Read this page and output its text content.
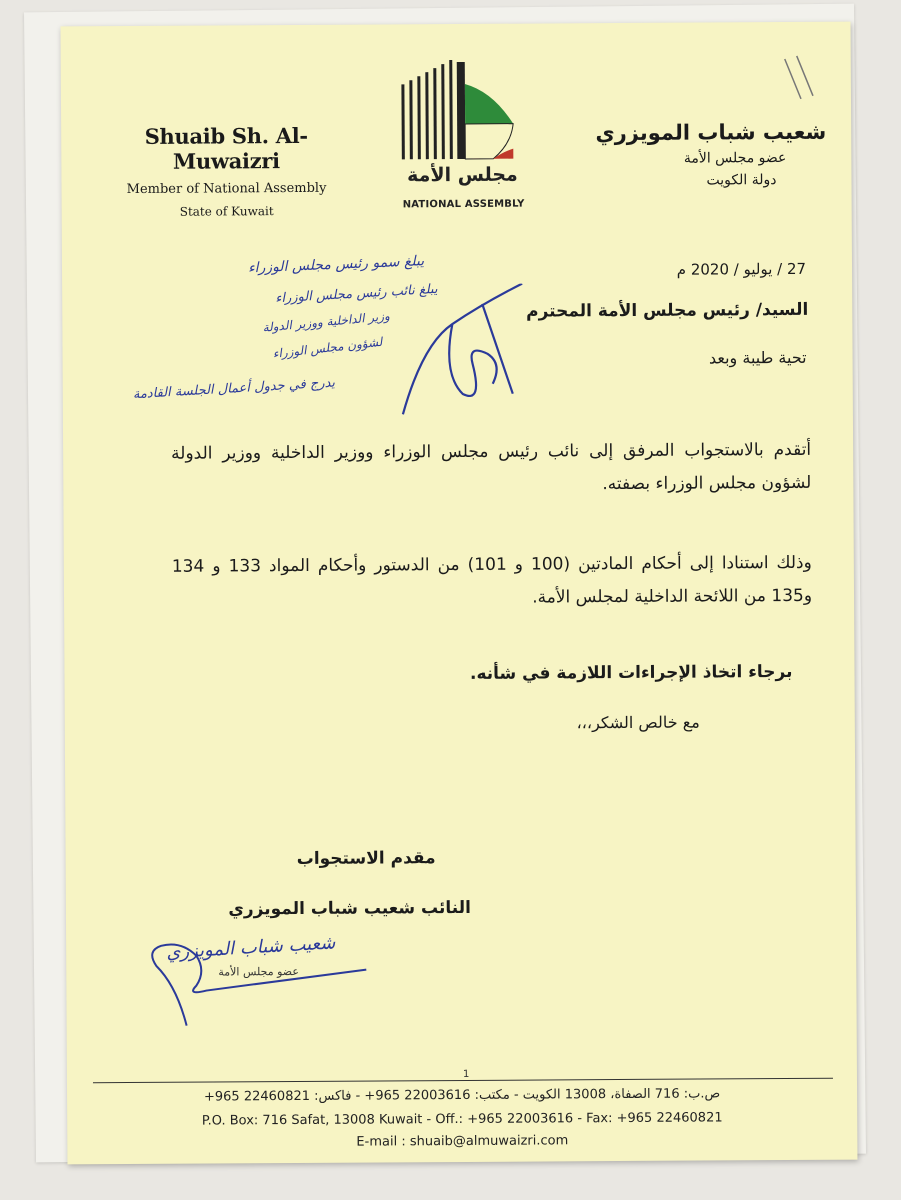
Shuaib Sh. Al-Muwaizri
Member of National Assembly
State of Kuwait
مجلس الأمة
NATIONAL ASSEMBLY
شعيب شباب المويزري
عضو مجلس الأمة
دولة الكويت
27 / يوليو / 2020 م
السيد/ رئيس مجلس الأمة المحترم
تحية طيبة وبعد
يبلغ سمو رئيس مجلس الوزراء
يبلغ نائب رئيس مجلس الوزراء
وزير الداخلية ووزير الدولة
لشؤون مجلس الوزراء
يدرج في جدول أعمال الجلسة القادمة
أتقدم بالاستجواب المرفق إلى نائب رئيس مجلس الوزراء ووزير الداخلية ووزير الدولة لشؤون مجلس الوزراء بصفته.
وذلك استنادا إلى أحكام المادتين (100 و 101) من الدستور وأحكام المواد 133 و 134 و135 من اللائحة الداخلية لمجلس الأمة.
برجاء اتخاذ الإجراءات اللازمة في شأنه.
مع خالص الشكر،،،
مقدم الاستجواب
النائب شعيب شباب المويزري
شعيب شباب المويزري
عضو مجلس الأمة
1
ص.ب: 716 الصفاة، 13008 الكويت - مكتب: 22003616 965+ - فاكس: 22460821 965+
P.O. Box: 716 Safat, 13008 Kuwait - Off.: +965 22003616 - Fax: +965 22460821
E-mail : shuaib@almuwaizri.com
